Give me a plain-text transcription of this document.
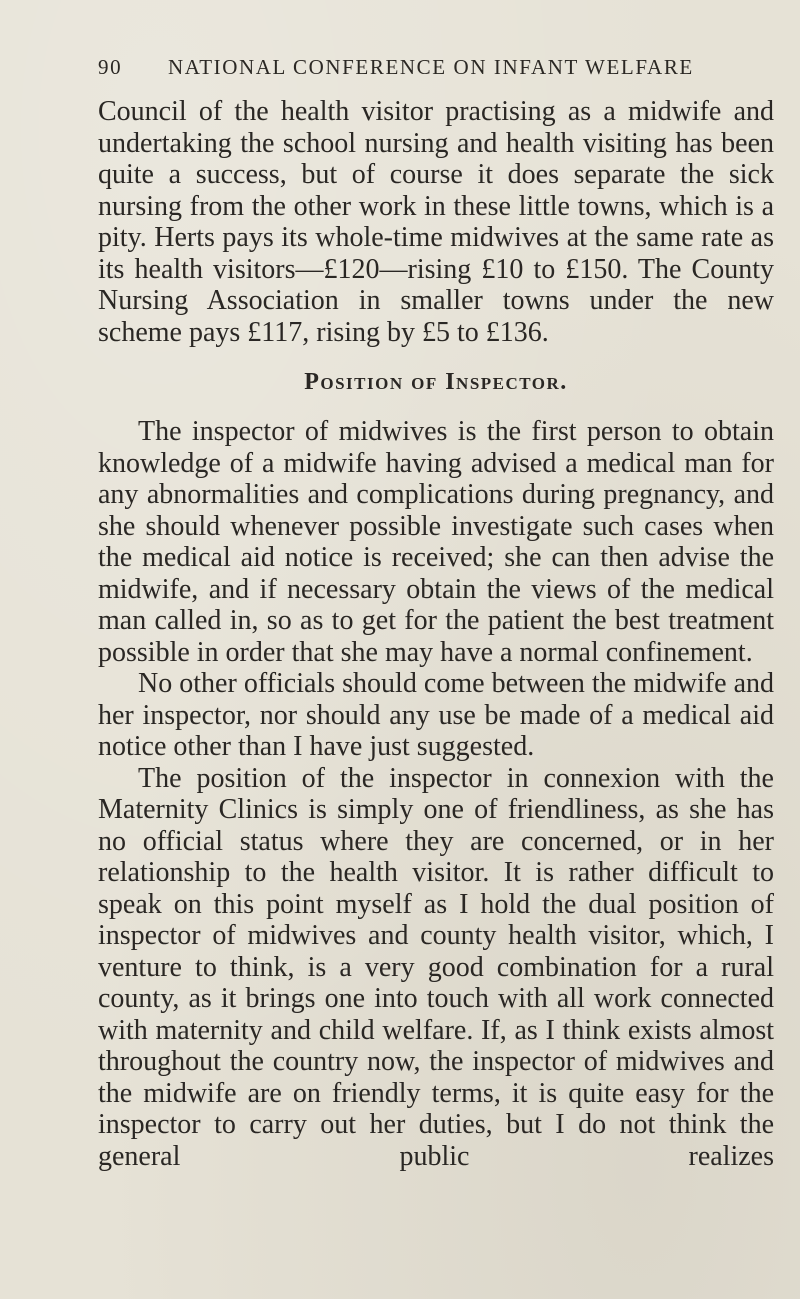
90	NATIONAL CONFERENCE ON INFANT WELFARE

Council of the health visitor practising as a midwife and undertaking the school nursing and health visiting has been quite a success, but of course it does separate the sick nursing from the other work in these little towns, which is a pity. Herts pays its whole-time midwives at the same rate as its health visitors—£120—rising £10 to £150. The County Nursing Association in smaller towns under the new scheme pays £117, rising by £5 to £136.

Position of Inspector.

The inspector of midwives is the first person to obtain knowledge of a midwife having advised a medical man for any abnormalities and complications during pregnancy, and she should whenever possible investigate such cases when the medical aid notice is received; she can then advise the midwife, and if necessary obtain the views of the medical man called in, so as to get for the patient the best treatment possible in order that she may have a normal confinement.

No other officials should come between the midwife and her inspector, nor should any use be made of a medical aid notice other than I have just suggested.

The position of the inspector in connexion with the Maternity Clinics is simply one of friendliness, as she has no official status where they are concerned, or in her relationship to the health visitor. It is rather difficult to speak on this point myself as I hold the dual position of inspector of midwives and county health visitor, which, I venture to think, is a very good combination for a rural county, as it brings one into touch with all work connected with maternity and child welfare. If, as I think exists almost throughout the country now, the inspector of midwives and the midwife are on friendly terms, it is quite easy for the inspector to carry out her duties, but I do not think the general public realizes
